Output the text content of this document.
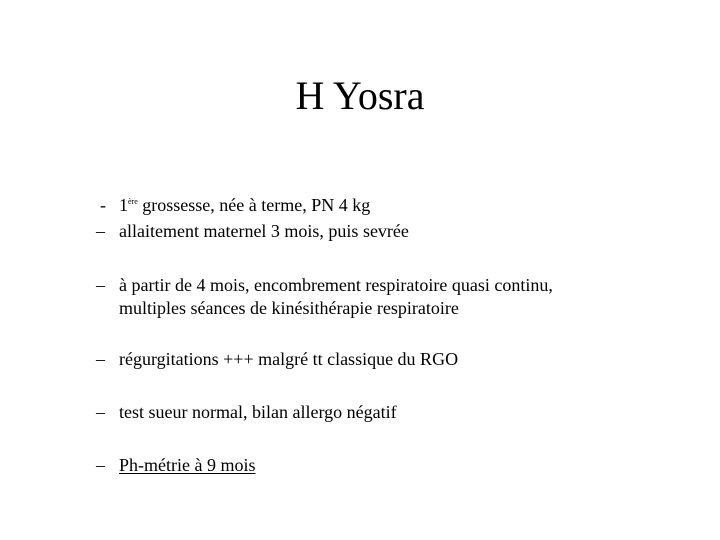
H Yosra
- 1ère grossesse, née à terme, PN 4 kg
– allaitement maternel 3 mois, puis sevrée
– à partir de 4 mois, encombrement respiratoire quasi continu,
multiples séances de kinésithérapie respiratoire
– régurgitations +++ malgré tt classique du RGO
– test sueur normal, bilan allergo négatif
– Ph-métrie à 9 mois
